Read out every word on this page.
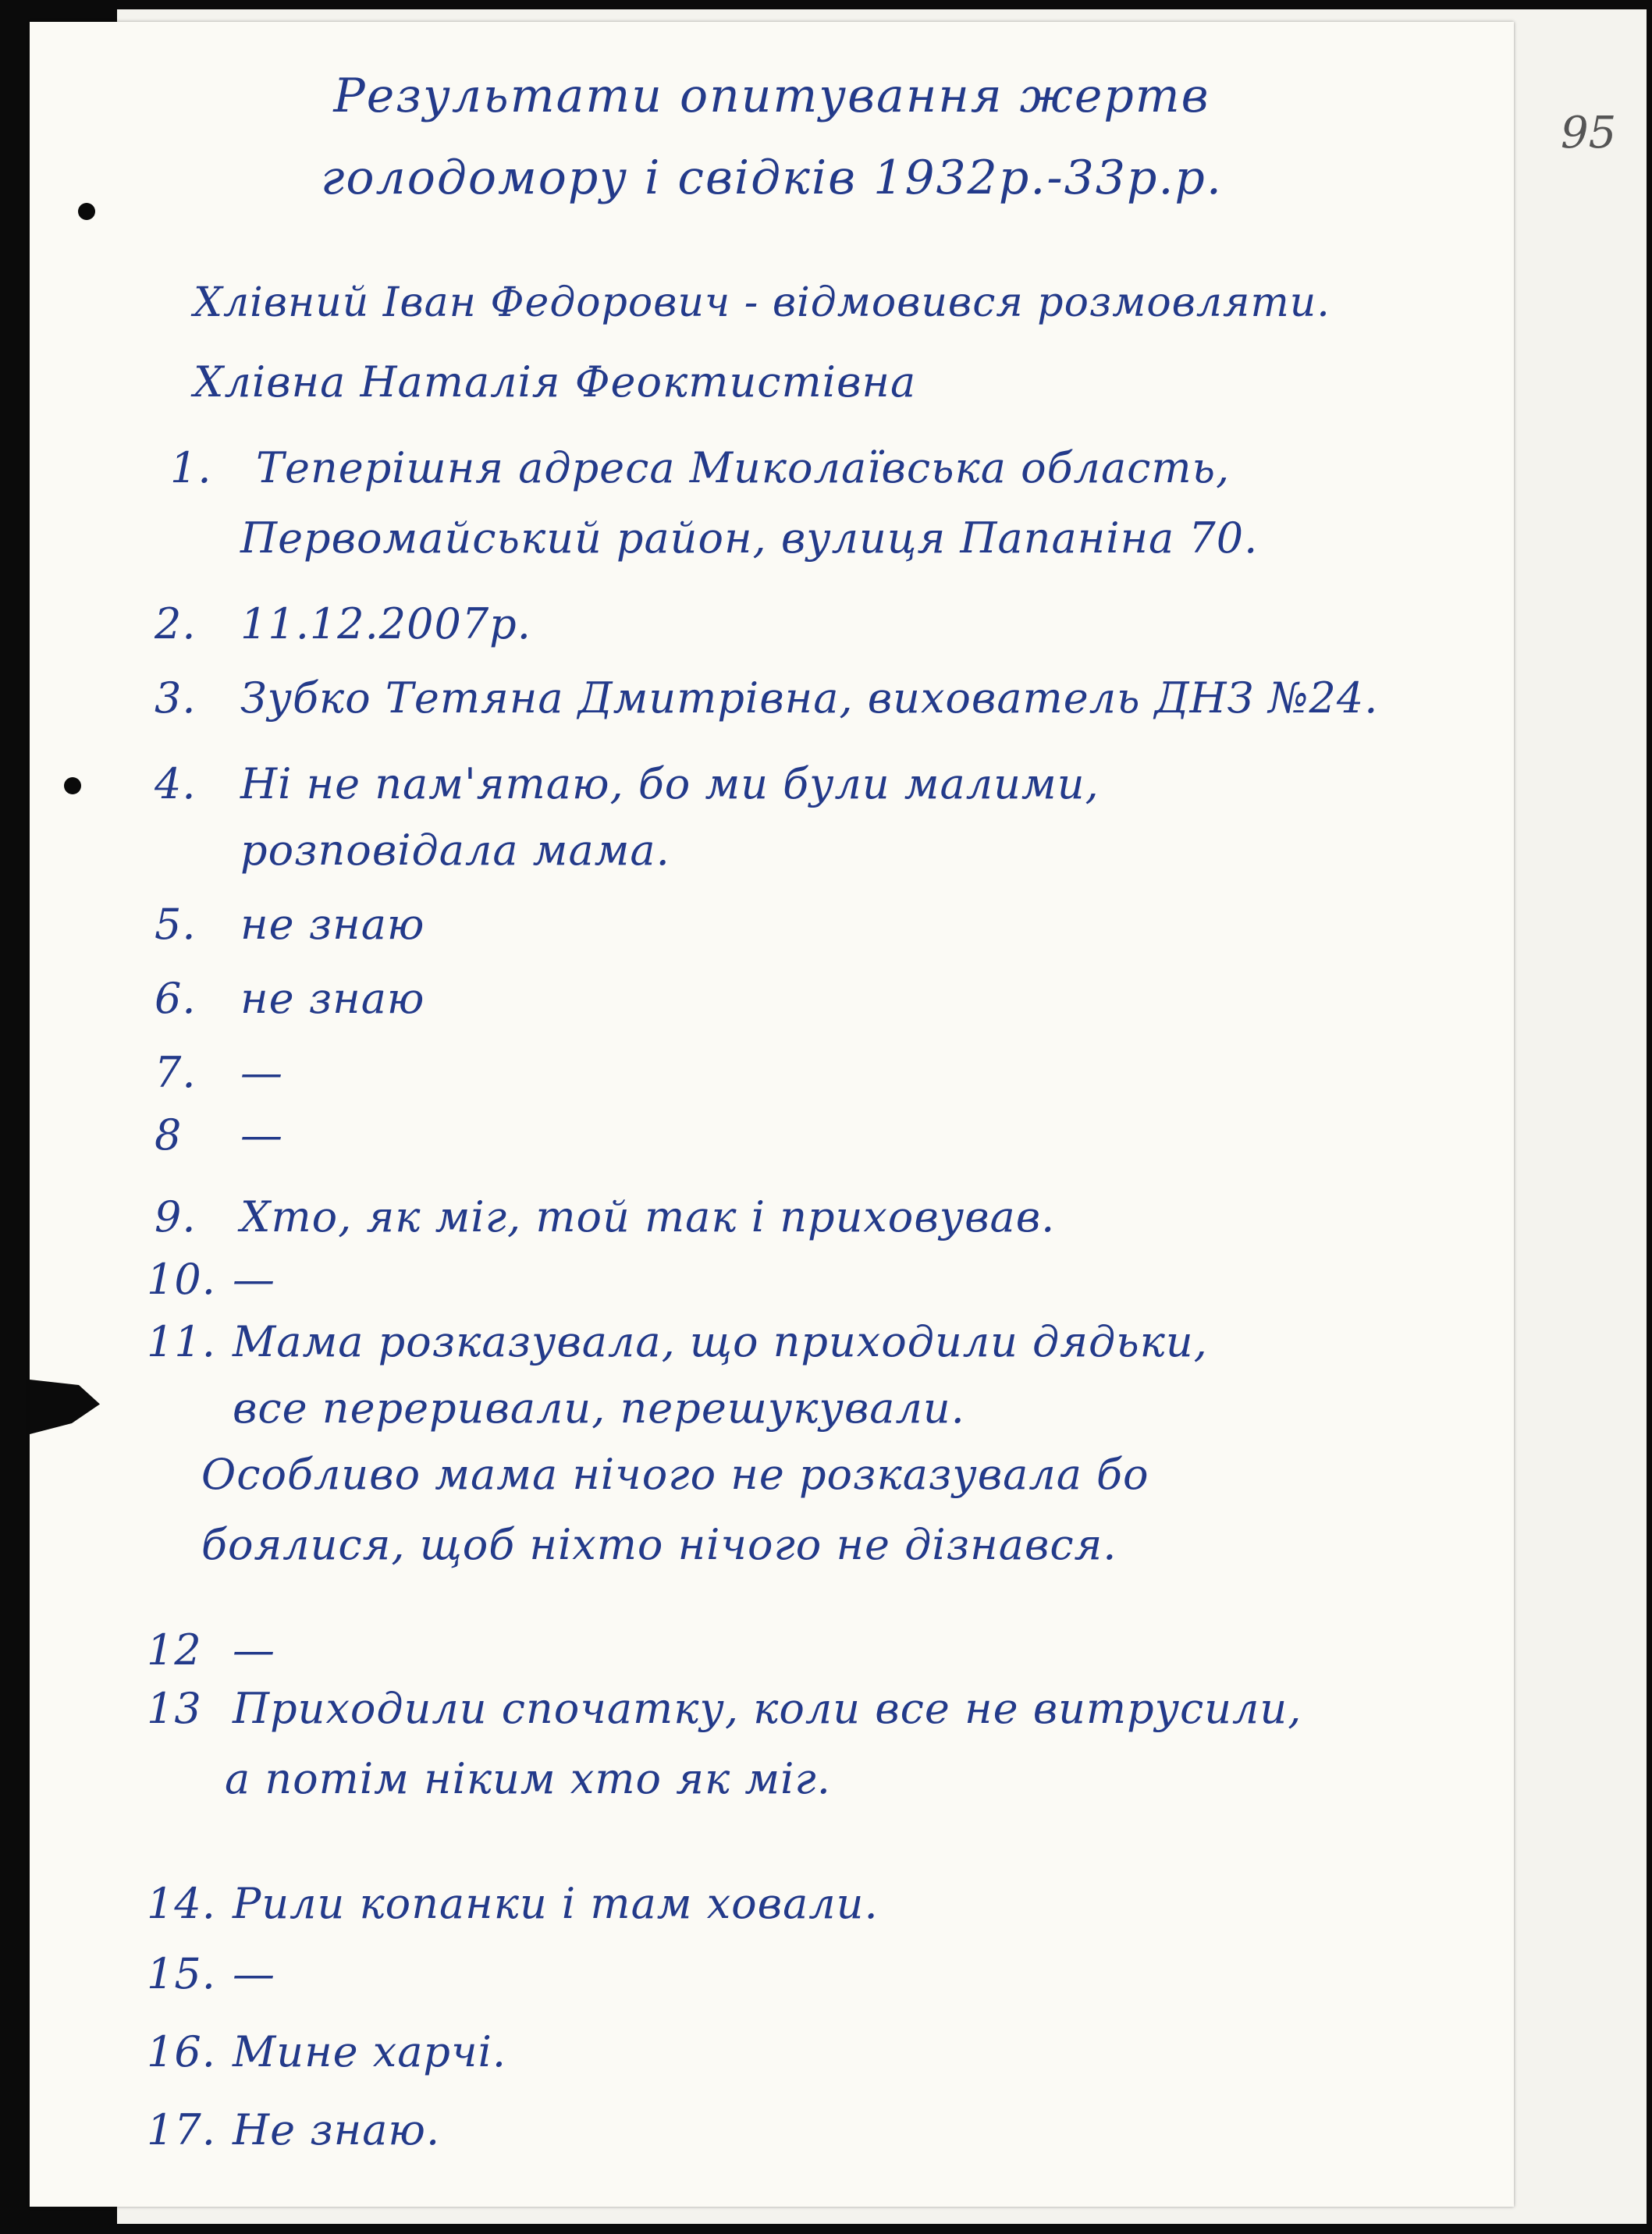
95
Результати опитування жертв
голодомору і свідків 1932р.-33р.р.
Хлівний Іван Федорович - відмовився розмовляти.
Хлівна Наталія Феоктистівна
1. Теперішня адреса Миколаївська область,
Первомайський район, вулиця Папаніна 70.
2. 11.12.2007р.
3. Зубко Тетяна Дмитрівна, вихователь ДНЗ №24.
4. Ні не пам'ятаю, бо ми були малими,
розповідала мама.
5. не знаю
6. не знаю
7. —
8 —
9. Хто, як міг, той так і приховував.
10. —
11. Мама розказувала, що приходили дядьки,
все переривали, перешукували.
Особливо мама нічого не розказувала бо
боялися, щоб ніхто нічого не дізнався.
12 —
13 Приходили спочатку, коли все не витрусили,
а потім ніким хто як міг.
14. Рили копанки і там ховали.
15. —
16. Мине харчі.
17. Не знаю.
